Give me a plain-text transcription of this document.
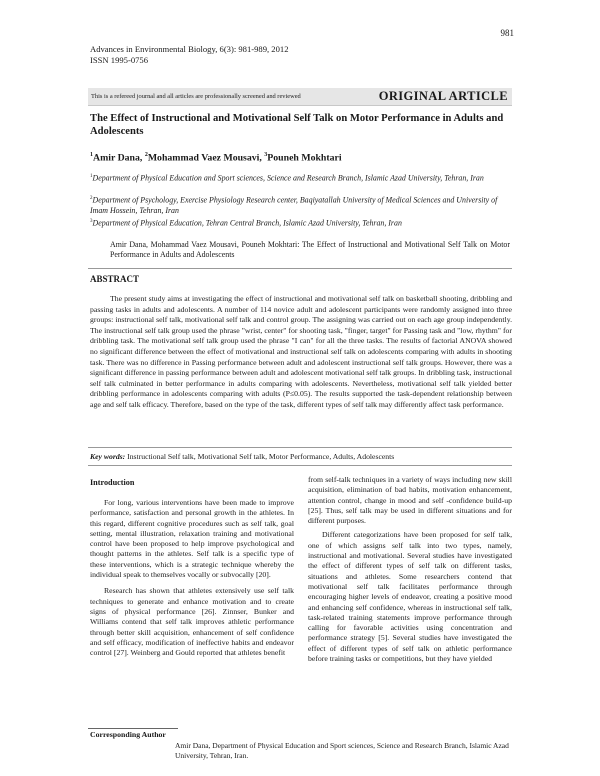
981
Advances in Environmental Biology, 6(3): 981-989, 2012
ISSN 1995-0756
This is a refereed journal and all articles are professionally screened and reviewed	ORIGINAL ARTICLE
The Effect of Instructional and Motivational Self Talk on Motor Performance in Adults and Adolescents
$^1$Amir Dana, $^2$Mohammad Vaez Mousavi, $^3$Pouneh Mokhtari
$^1$Department of Physical Education and Sport sciences, Science and Research Branch, Islamic Azad University, Tehran, Iran
$^2$Department of Psychology, Exercise Physiology Research center, Baqiyatallah University of Medical Sciences and University of Imam Hossein, Tehran, Iran
$^3$Department of Physical Education, Tehran Central Branch, Islamic Azad University, Tehran, Iran
Amir Dana, Mohammad Vaez Mousavi, Pouneh Mokhtari: The Effect of Instructional and Motivational Self Talk on Motor Performance in Adults and Adolescents
ABSTRACT

The present study aims at investigating the effect of instructional and motivational self talk on basketball shooting, dribbling and passing tasks in adults and adolescents. A number of 114 novice adult and adolescent participants were randomly assigned into three groups: instructional self talk, motivational self talk and control group. The assigning was carried out on each age group independently. The instructional self talk group used the phrase "wrist, center" for shooting task, "finger, target" for Passing task and "low, rhythm" for dribbling task. The motivational self talk group used the phrase "I can" for all the three tasks. The results of factorial ANOVA showed no significant difference between the effect of motivational and instructional self talk on adolescents comparing with adults in shooting task. There was no difference in Passing performance between adult and adolescent instructional self talk groups. However, there was a significant difference in passing performance between adult and adolescent motivational self talk groups. In dribbling task, instructional self talk culminated in better performance in adults comparing with adolescents. Nevertheless, motivational self talk yielded better dribbling performance in adolescents comparing with adults (P≤0.05). The results supported the task-dependent relationship between age and self talk efficacy. Therefore, based on the type of the task, different types of self talk may differently affect task performance.

Key words: Instructional Self talk, Motivational Self talk, Motor Performance, Adults, Adolescents
Introduction

For long, various interventions have been made to improve performance, satisfaction and personal growth in the athletes. In this regard, different cognitive procedures such as self talk, goal setting, mental illustration, relaxation training and motivational control have been proposed to help improve psychological and thought patterns in the athletes. Self talk is a specific type of these interventions, which is a strategic technique whereby the individual speak to themselves vocally or subvocally [20].

Research has shown that athletes extensively use self talk techniques to generate and enhance motivation and to create signs of physical performance [26]. Zinnser, Bunker and Williams contend that self talk improves athletic performance through better skill acquisition, enhancement of self confidence and self efficacy, modification of ineffective habits and endeavor control [27]. Weinberg and Gould reported that athletes benefit

from self-talk techniques in a variety of ways including new skill acquisition, elimination of bad habits, motivation enhancement, attention control, change in mood and self -confidence build-up [25]. Thus, self talk may be used in different situations and for different purposes.

Different categorizations have been proposed for self talk, one of which assigns self talk into two types, namely, instructional and motivational. Several studies have investigated the effect of different types of self talk on different tasks, situations and athletes. Some researchers contend that motivational self talk facilitates performance through encouraging higher levels of endeavor, creating a positive mood and enhancing self confidence, whereas in instructional self talk, task-related training statements improve performance through calling for favorable activities using concentration and performance strategy [5]. Several studies have investigated the effect of different types of self talk on athletic performance before training tasks or competitions, but they have yielded

Corresponding Author
Amir Dana, Department of Physical Education and Sport sciences, Science and Research Branch, Islamic Azad University, Tehran, Iran.
